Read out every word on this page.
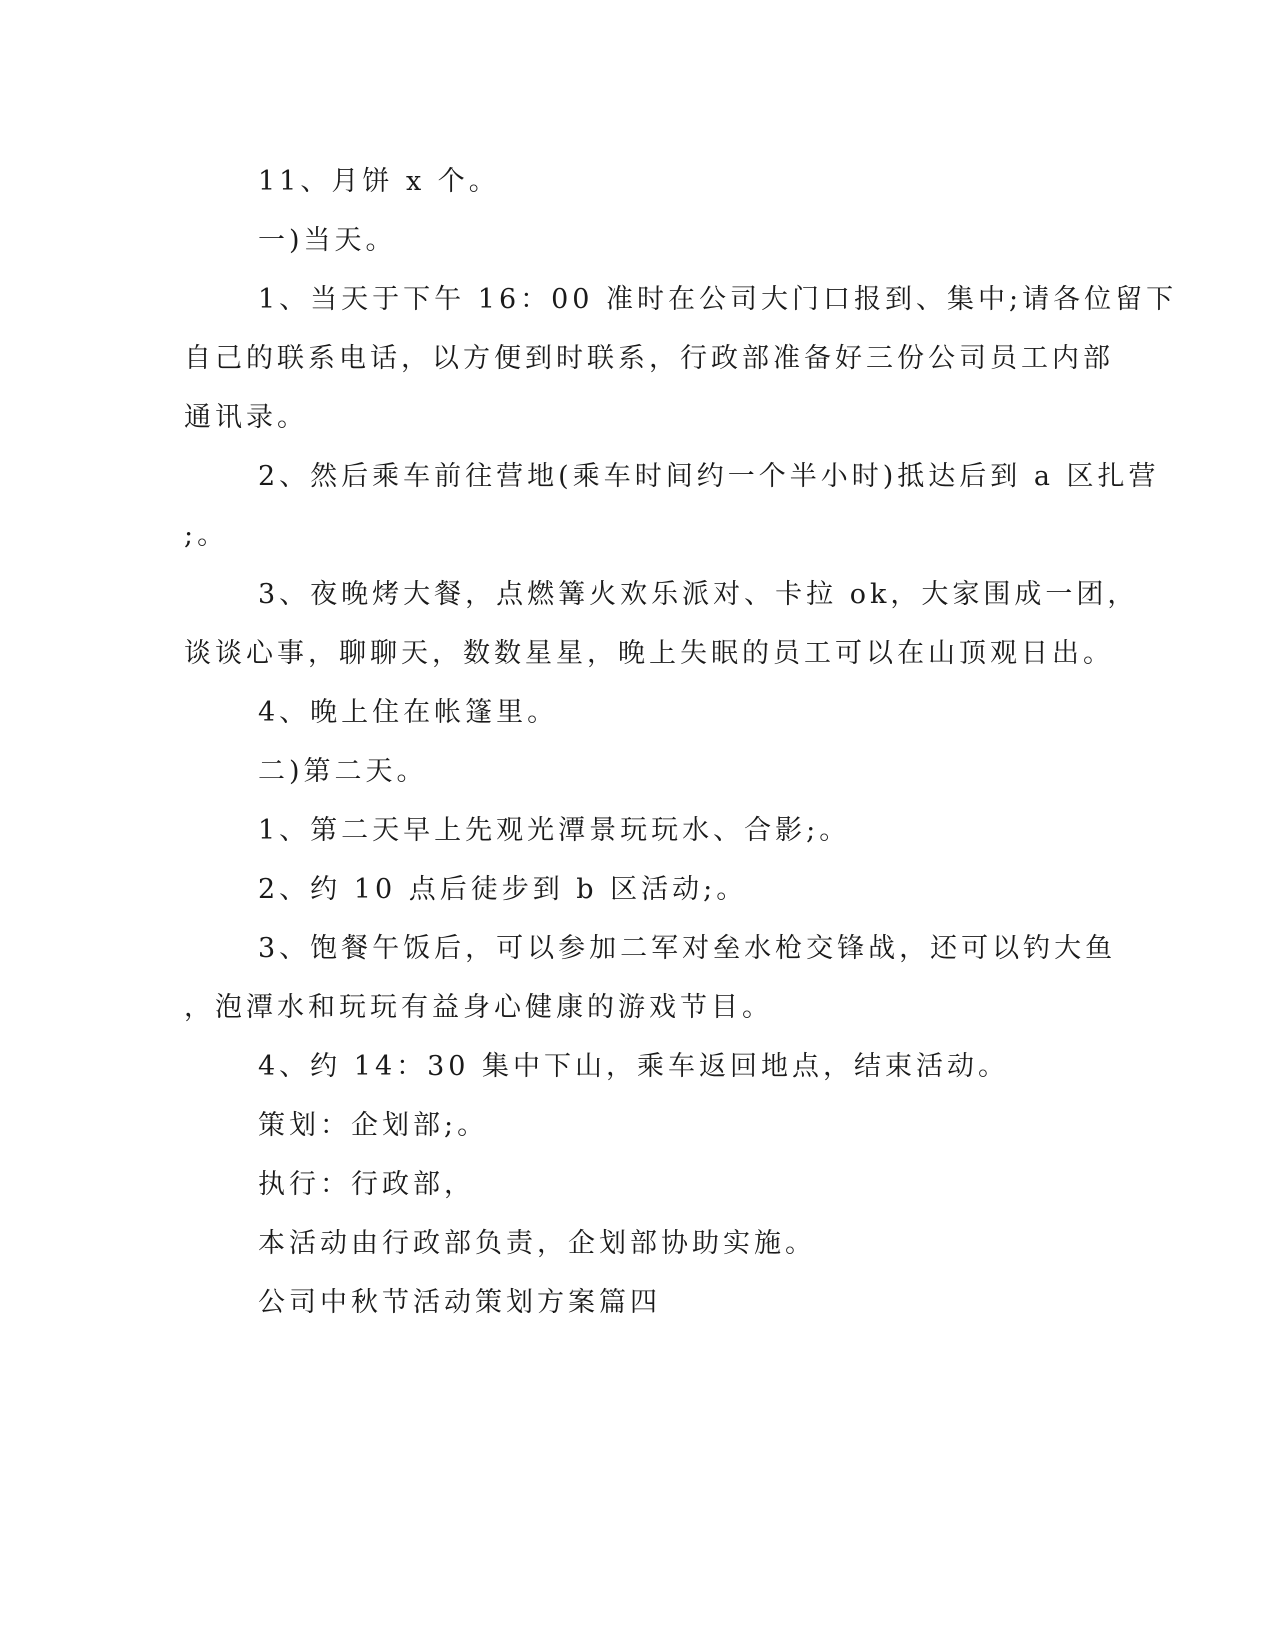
11、月饼 x 个。
一)当天。
1、当天于下午 16：00 准时在公司大门口报到、集中;请各位留下
自己的联系电话，以方便到时联系，行政部准备好三份公司员工内部
通讯录。
2、然后乘车前往营地(乘车时间约一个半小时)抵达后到 a 区扎营
;。
3、夜晚烤大餐，点燃篝火欢乐派对、卡拉 ok，大家围成一团，
谈谈心事，聊聊天，数数星星，晚上失眠的员工可以在山顶观日出。
4、晚上住在帐篷里。
二)第二天。
1、第二天早上先观光潭景玩玩水、合影;。
2、约 10 点后徒步到 b 区活动;。
3、饱餐午饭后，可以参加二军对垒水枪交锋战，还可以钓大鱼
，泡潭水和玩玩有益身心健康的游戏节目。
4、约 14：30 集中下山，乘车返回地点，结束活动。
策划：企划部;。
执行：行政部，
本活动由行政部负责，企划部协助实施。
公司中秋节活动策划方案篇四
